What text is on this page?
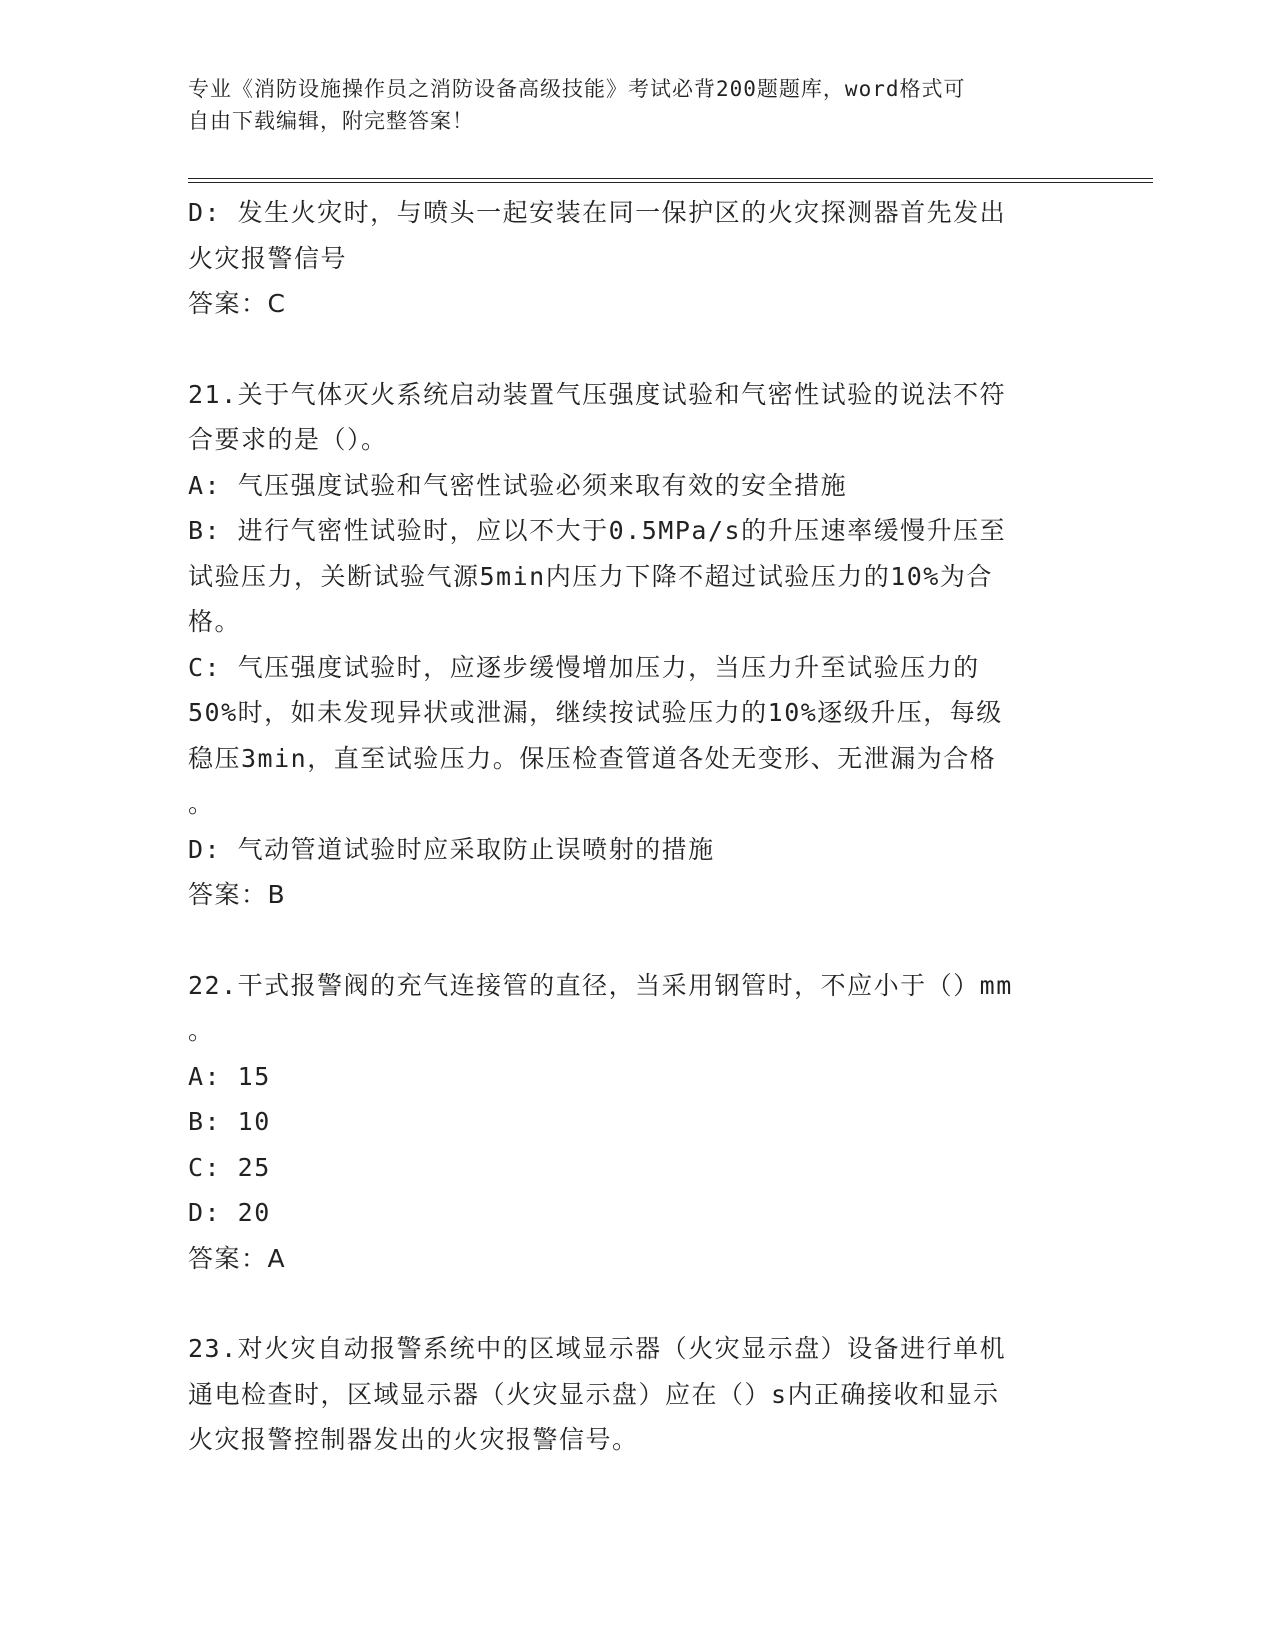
专业《消防设施操作员之消防设备高级技能》考试必背200题题库，word格式可
自由下载编辑，附完整答案！
D: 发生火灾时，与喷头一起安装在同一保护区的火灾探测器首先发出
火灾报警信号
答案：C
21.关于气体灭火系统启动装置气压强度试验和气密性试验的说法不符
合要求的是（）。
A: 气压强度试验和气密性试验必须来取有效的安全措施
B: 进行气密性试验时，应以不大于0.5MPa/s的升压速率缓慢升压至
试验压力，关断试验气源5min内压力下降不超过试验压力的10%为合
格。
C: 气压强度试验时，应逐步缓慢增加压力，当压力升至试验压力的
50%时，如未发现异状或泄漏，继续按试验压力的10%逐级升压，每级
稳压3min，直至试验压力。保压检查管道各处无变形、无泄漏为合格
。
D: 气动管道试验时应采取防止误喷射的措施
答案：B
22.干式报警阀的充气连接管的直径，当采用钢管时，不应小于（）mm
。
A: 15
B: 10
C: 25
D: 20
答案：A
23.对火灾自动报警系统中的区域显示器（火灾显示盘）设备进行单机
通电检查时，区域显示器（火灾显示盘）应在（）s内正确接收和显示
火灾报警控制器发出的火灾报警信号。
